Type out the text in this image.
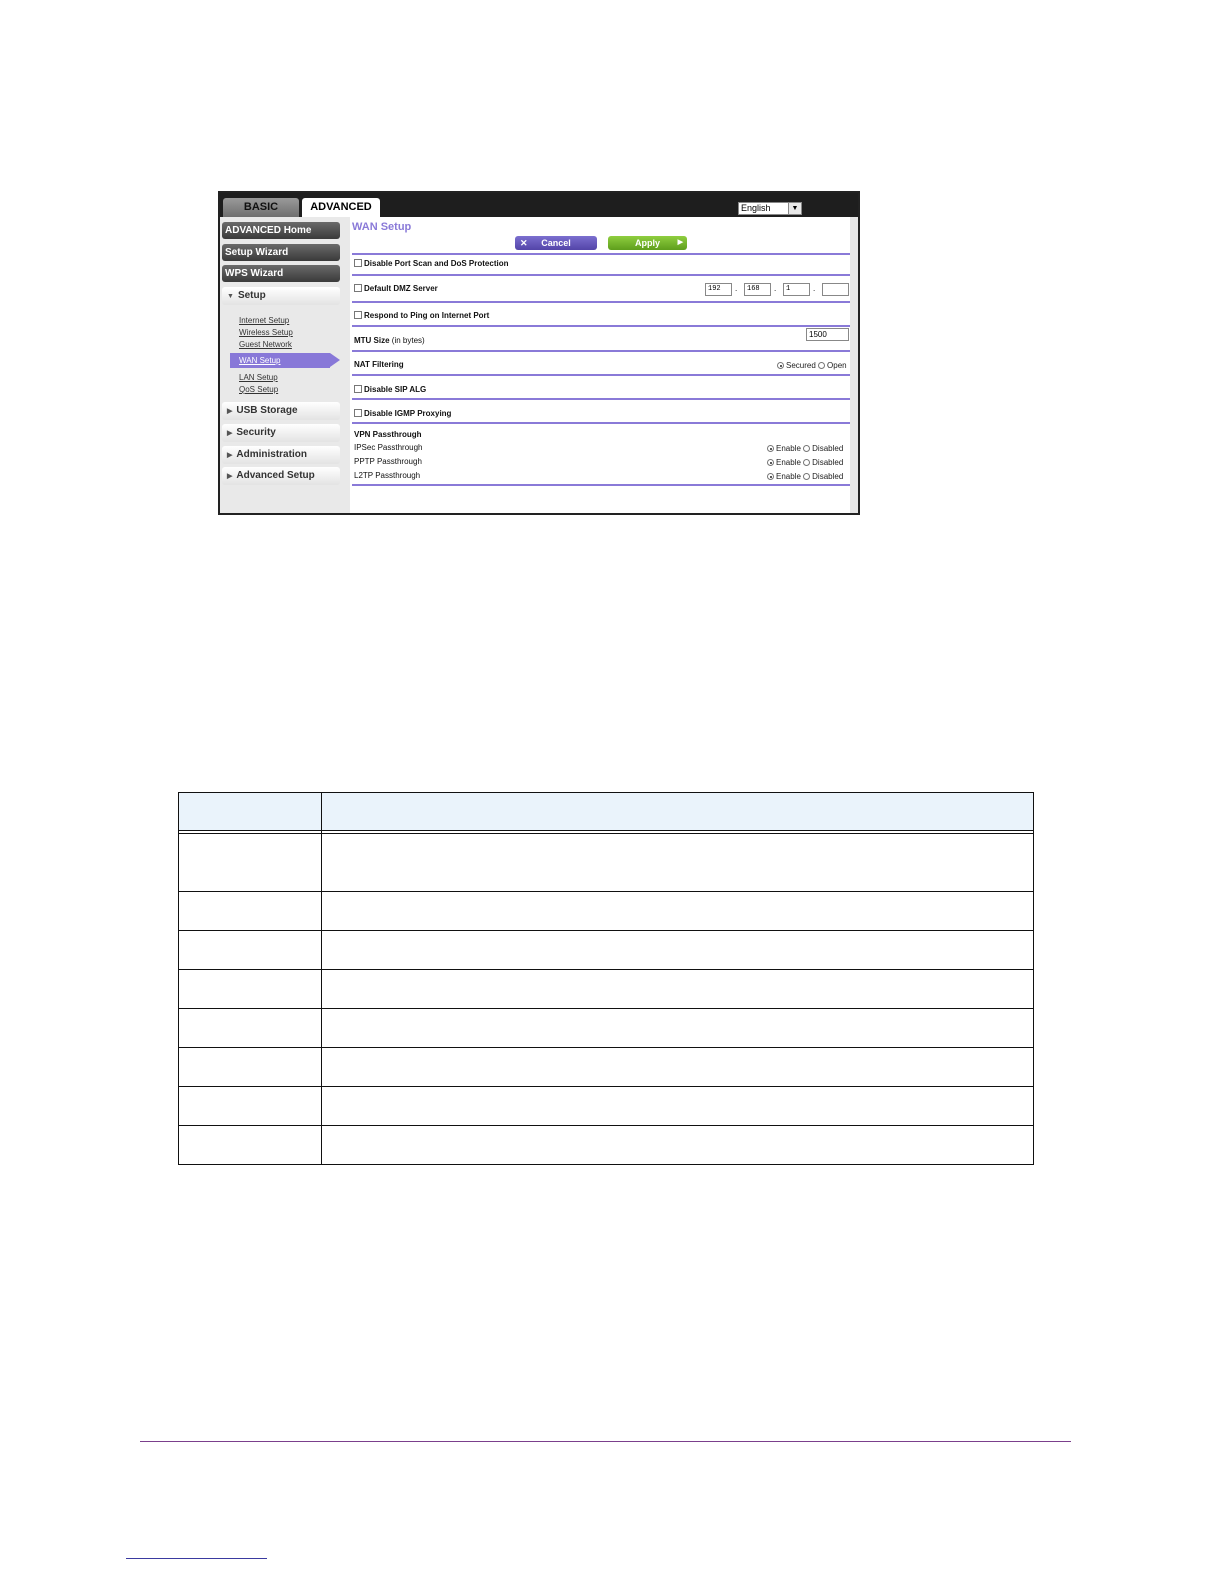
BASIC	ADVANCED	English	▼
ADVANCED Home
Setup Wizard
WPS Wizard
▼ Setup
Internet Setup
Wireless Setup
Guest Network
WAN Setup
LAN Setup
QoS Setup
▶ USB Storage
▶ Security
▶ Administration
▶ Advanced Setup
WAN Setup
✕ Cancel	Apply	▶
Disable Port Scan and DoS Protection
Default DMZ Server	192	.	168	.	1	.
Respond to Ping on Internet Port
MTU Size (in bytes)
1500
NAT Filtering	Secured Open
Disable SIP ALG
Disable IGMP Proxying
VPN Passthrough
IPSec Passthrough	Enable Disabled
PPTP Passthrough	Enable Disabled
L2TP Passthrough	Enable Disabled
